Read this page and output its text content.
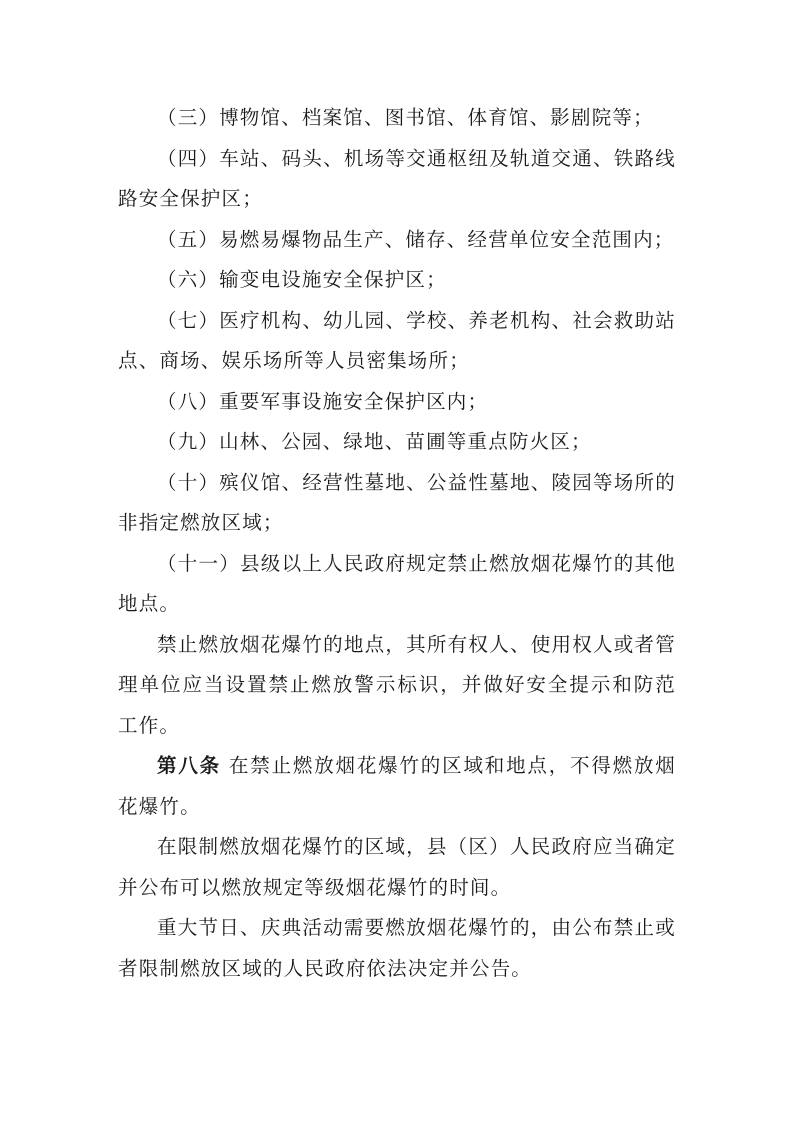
（三）博物馆、档案馆、图书馆、体育馆、影剧院等；

（四）车站、码头、机场等交通枢纽及轨道交通、铁路线路安全保护区；

（五）易燃易爆物品生产、储存、经营单位安全范围内；

（六）输变电设施安全保护区；

（七）医疗机构、幼儿园、学校、养老机构、社会救助站点、商场、娱乐场所等人员密集场所；

（八）重要军事设施安全保护区内；

（九）山林、公园、绿地、苗圃等重点防火区；

（十）殡仪馆、经营性墓地、公益性墓地、陵园等场所的非指定燃放区域；

（十一）县级以上人民政府规定禁止燃放烟花爆竹的其他地点。

禁止燃放烟花爆竹的地点，其所有权人、使用权人或者管理单位应当设置禁止燃放警示标识，并做好安全提示和防范工作。

第八条 在禁止燃放烟花爆竹的区域和地点，不得燃放烟花爆竹。

在限制燃放烟花爆竹的区域，县（区）人民政府应当确定并公布可以燃放规定等级烟花爆竹的时间。

重大节日、庆典活动需要燃放烟花爆竹的，由公布禁止或者限制燃放区域的人民政府依法决定并公告。
